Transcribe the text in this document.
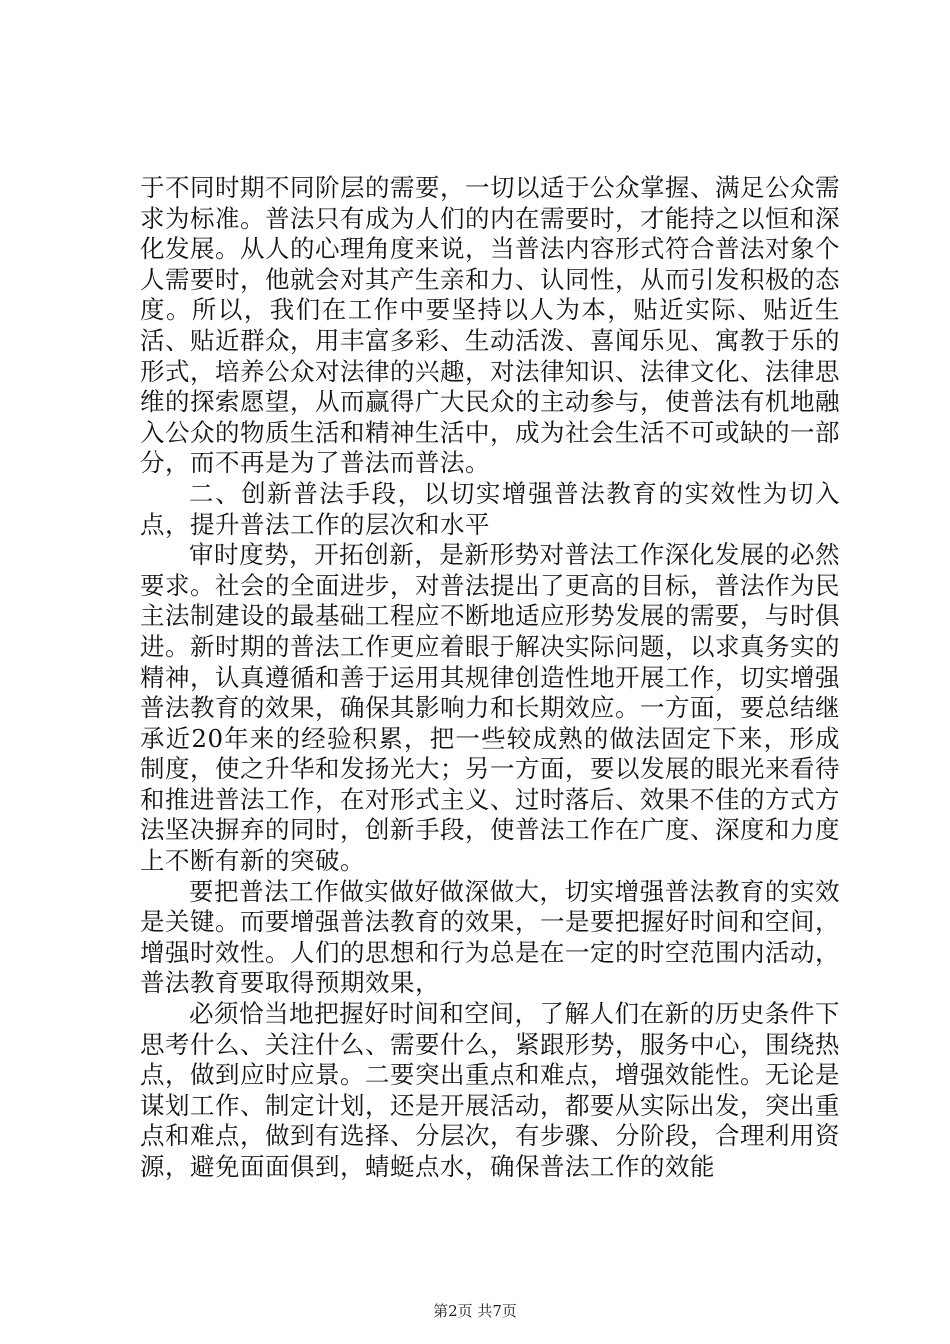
于不同时期不同阶层的需要，一切以适于公众掌握、满足公众需求为标准。普法只有成为人们的内在需要时，才能持之以恒和深化发展。从人的心理角度来说，当普法内容形式符合普法对象个人需要时，他就会对其产生亲和力、认同性，从而引发积极的态度。所以，我们在工作中要坚持以人为本，贴近实际、贴近生活、贴近群众，用丰富多彩、生动活泼、喜闻乐见、寓教于乐的形式，培养公众对法律的兴趣，对法律知识、法律文化、法律思维的探索愿望，从而赢得广大民众的主动参与，使普法有机地融入公众的物质生活和精神生活中，成为社会生活不可或缺的一部分，而不再是为了普法而普法。

二、创新普法手段，以切实增强普法教育的实效性为切入点，提升普法工作的层次和水平

审时度势，开拓创新，是新形势对普法工作深化发展的必然要求。社会的全面进步，对普法提出了更高的目标，普法作为民主法制建设的最基础工程应不断地适应形势发展的需要，与时俱进。新时期的普法工作更应着眼于解决实际问题，以求真务实的精神，认真遵循和善于运用其规律创造性地开展工作，切实增强普法教育的效果，确保其影响力和长期效应。一方面，要总结继承近20年来的经验积累，把一些较成熟的做法固定下来，形成制度，使之升华和发扬光大；另一方面，要以发展的眼光来看待和推进普法工作，在对形式主义、过时落后、效果不佳的方式方法坚决摒弃的同时，创新手段，使普法工作在广度、深度和力度上不断有新的突破。

要把普法工作做实做好做深做大，切实增强普法教育的实效是关键。而要增强普法教育的效果，一是要把握好时间和空间，增强时效性。人们的思想和行为总是在一定的时空范围内活动，普法教育要取得预期效果，

必须恰当地把握好时间和空间，了解人们在新的历史条件下思考什么、关注什么、需要什么，紧跟形势，服务中心，围绕热点，做到应时应景。二要突出重点和难点，增强效能性。无论是谋划工作、制定计划，还是开展活动，都要从实际出发，突出重点和难点，做到有选择、分层次，有步骤、分阶段，合理利用资源，避免面面俱到，蜻蜓点水，确保普法工作的效能

第2页 共7页
